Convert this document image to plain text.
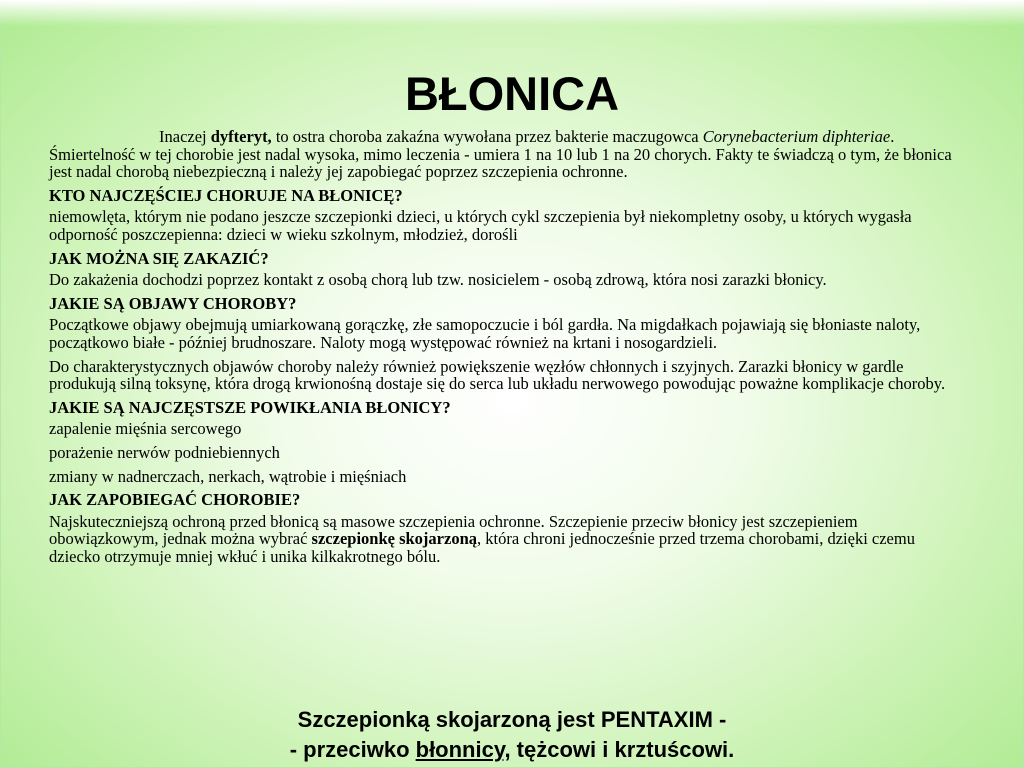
BŁONICA

Inaczej dyfteryt, to ostra choroba zakaźna wywołana przez bakterie maczugowca Corynebacterium diphteriae. Śmiertelność w tej chorobie jest nadal wysoka, mimo leczenia - umiera 1 na 10 lub 1 na 20 chorych. Fakty te świadczą o tym, że błonica jest nadal chorobą niebezpieczną i należy jej zapobiegać poprzez szczepienia ochronne.

KTO NAJCZĘŚCIEJ CHORUJE NA BŁONICĘ?

niemowlęta, którym nie podano jeszcze szczepionki dzieci, u których cykl szczepienia był niekompletny osoby, u których wygasła odporność poszczepienna: dzieci w wieku szkolnym, młodzież, dorośli

JAK MOŻNA SIĘ ZAKAZIĆ?

Do zakażenia dochodzi poprzez kontakt z osobą chorą lub tzw. nosicielem - osobą zdrową, która nosi zarazki błonicy.

JAKIE SĄ OBJAWY CHOROBY?

Początkowe objawy obejmują umiarkowaną gorączkę, złe samopoczucie i ból gardła. Na migdałkach pojawiają się błoniaste naloty, początkowo białe - później brudnoszare. Naloty mogą występować również na krtani i nosogardzieli.

Do charakterystycznych objawów choroby należy również powiększenie węzłów chłonnych i szyjnych. Zarazki błonicy w gardle produkują silną toksynę, która drogą krwionośną dostaje się do serca lub układu nerwowego powodując poważne komplikacje choroby.

JAKIE SĄ NAJCZĘSTSZE POWIKŁANIA BŁONICY?

zapalenie mięśnia sercowego

porażenie nerwów podniebiennych

zmiany w nadnerczach, nerkach, wątrobie i mięśniach

JAK ZAPOBIEGAĆ CHOROBIE?

Najskuteczniejszą ochroną przed błonicą są masowe szczepienia ochronne. Szczepienie przeciw błonicy jest szczepieniem obowiązkowym, jednak można wybrać szczepionkę skojarzoną, która chroni jednocześnie przed trzema chorobami, dzięki czemu dziecko otrzymuje mniej wkłuć i unika kilkakrotnego bólu.

Szczepionką skojarzoną jest PENTAXIM -
- przeciwko błonnicy, tężcowi i krztuścowi.
